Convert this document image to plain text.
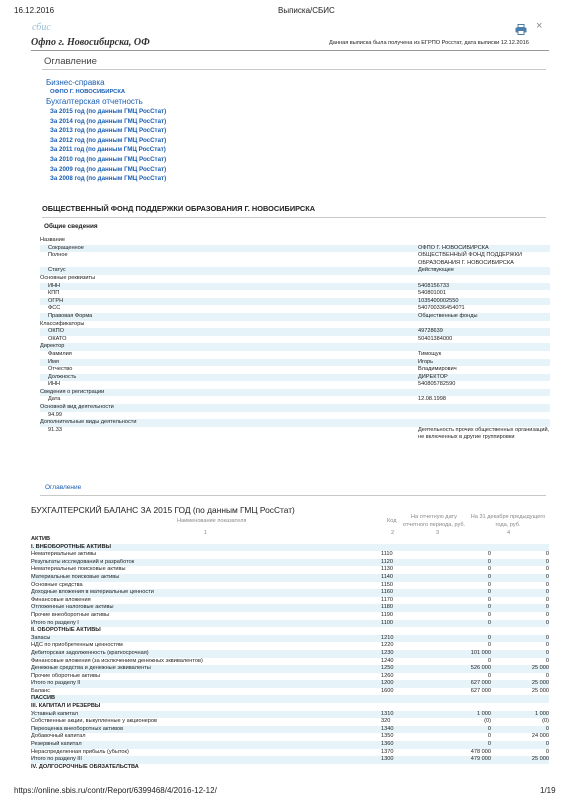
16.12.2016	Выписка/СБИС
сбис	×
Офпо г. Новосибирска, ОФ	Данная выписка была получена из ЕГРПО Росстат, дата выписки 12.12.2016
Оглавление
Бизнес-справка
ОФПО Г. НОВОСИБИРСКА
Бухгалтерская отчетность
За 2015 год (по данным ГМЦ РосСтат)
За 2014 год (по данным ГМЦ РосСтат)
За 2013 год (по данным ГМЦ РосСтат)
За 2012 год (по данным ГМЦ РосСтат)
За 2011 год (по данным ГМЦ РосСтат)
За 2010 год (по данным ГМЦ РосСтат)
За 2009 год (по данным ГМЦ РосСтат)
За 2008 год (по данным ГМЦ РосСтат)
ОБЩЕСТВЕННЫЙ ФОНД ПОДДЕРЖКИ ОБРАЗОВАНИЯ Г. НОВОСИБИРСКА
Общие сведения
Название
Сокращенное	ОФПО Г. НОВОСИБИРСКА
Полное	ОБЩЕСТВЕННЫЙ ФОНД ПОДДЕРЖКИ ОБРАЗОВАНИЯ Г. НОВОСИБИРСКА
Статус	Действующее
Основные реквизиты
ИНН	5408156733
КПП	540801001
ОГРН	1035400002550
ФСС	5407003364540?1
Правовая Форма	Общественные фонды
Классификаторы
ОКПО	49728639
ОКАТО	50401384000
Директор
Фамилия	Тимощук
Имя	Игорь
Отчество	Владимирович
Должность	ДИРЕКТОР
ИНН	540805782590
Сведения о регистрации
Дата	12.08.1998
Основной вид деятельности
94.99
Дополнительные виды деятельности
91.33	Деятельность прочих общественных организаций, не включенных в другие группировки
Оглавление
БУХГАЛТЕРСКИЙ БАЛАНС ЗА 2015 ГОД (по данным ГМЦ РосСтат)
Наименование показателя	Код
На отчетную дату отчетного периода, руб.
На 31 декабря предыдущего года, руб.
1	2	3	4
АКТИВ
I. ВНЕОБОРОТНЫЕ АКТИВЫ
Нематериальные активы	1110	0	0
Результаты исследований и разработок	1120	0	0
Нематериальные поисковые активы	1130	0	0
Материальные поисковые активы	1140	0	0
Основные средства	1150	0	0
Доходные вложения в материальные ценности	1160	0	0
Финансовые вложения	1170	0	0
Отложенные налоговые активы	1180	0	0
Прочие внеоборотные активы	1190	0	0
Итого по разделу I	1100	0	0
II. ОБОРОТНЫЕ АКТИВЫ
Запасы	1210	0	0
НДС по приобретенным ценностям	1220	0	0
Дебиторская задолженность (краткосрочная)	1230	101 000	0
Финансовые вложения (за исключением денежных эквивалентов)	1240	0	0
Денежные средства и денежные эквиваленты	1250	526 000	25 000
Прочие оборотные активы	1260	0	0
Итого по разделу II	1200	627 000	25 000
Баланс	1600	627 000	25 000
ПАССИВ
III. КАПИТАЛ И РЕЗЕРВЫ
Уставный капитал	1310	1 000	1 000
Собственные акции, выкупленные у акционеров	320	(0)	(0)
Переоценка внеоборотных активов	1340	0	0
Добавочный капитал	1350	0	24 000
Резервный капитал	1360	0	0
Нераспределенная прибыль (убыток)	1370	478 000	0
Итого по разделу III	1300	479 000	25 000
IV. ДОЛГОСРОЧНЫЕ ОБЯЗАТЕЛЬСТВА
https://online.sbis.ru/contr/Report/6399468/4/2016-12-12/	1/19
